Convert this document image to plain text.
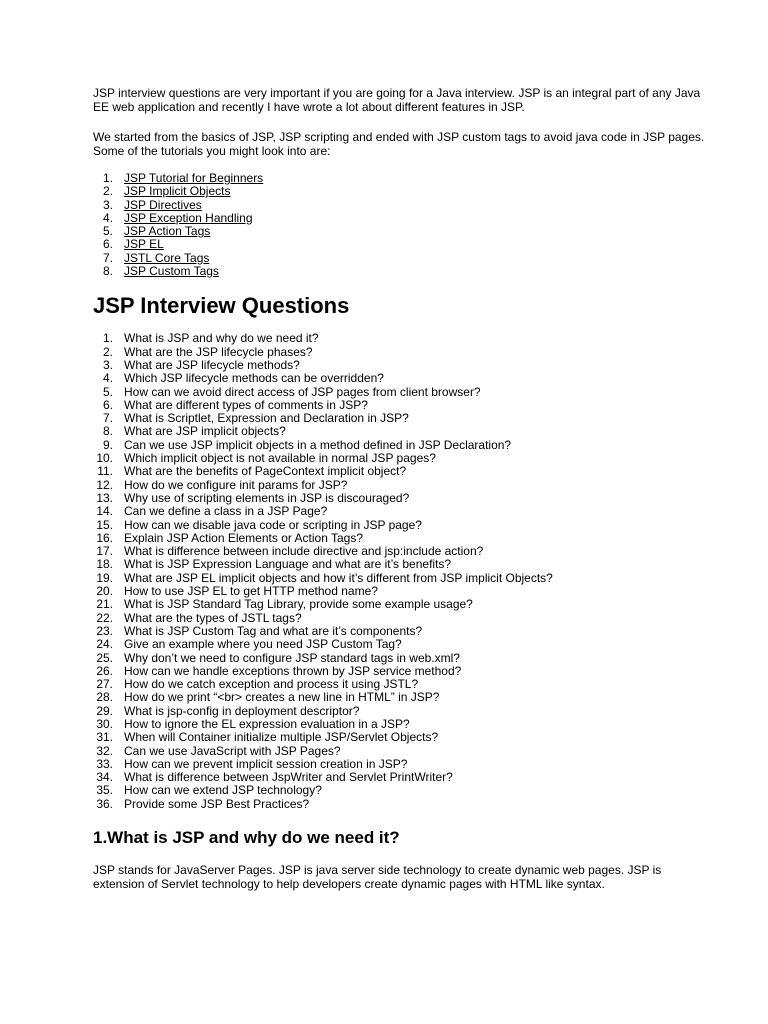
JSP interview questions are very important if you are going for a Java interview. JSP is an integral part of any Java EE web application and recently I have wrote a lot about different features in JSP.

We started from the basics of JSP, JSP scripting and ended with JSP custom tags to avoid java code in JSP pages. Some of the tutorials you might look into are:

1. JSP Tutorial for Beginners
2. JSP Implicit Objects
3. JSP Directives
4. JSP Exception Handling
5. JSP Action Tags
6. JSP EL
7. JSTL Core Tags
8. JSP Custom Tags
JSP Interview Questions
1. What is JSP and why do we need it?
2. What are the JSP lifecycle phases?
3. What are JSP lifecycle methods?
4. Which JSP lifecycle methods can be overridden?
5. How can we avoid direct access of JSP pages from client browser?
6. What are different types of comments in JSP?
7. What is Scriptlet, Expression and Declaration in JSP?
8. What are JSP implicit objects?
9. Can we use JSP implicit objects in a method defined in JSP Declaration?
10. Which implicit object is not available in normal JSP pages?
11. What are the benefits of PageContext implicit object?
12. How do we configure init params for JSP?
13. Why use of scripting elements in JSP is discouraged?
14. Can we define a class in a JSP Page?
15. How can we disable java code or scripting in JSP page?
16. Explain JSP Action Elements or Action Tags?
17. What is difference between include directive and jsp:include action?
18. What is JSP Expression Language and what are it’s benefits?
19. What are JSP EL implicit objects and how it’s different from JSP implicit Objects?
20. How to use JSP EL to get HTTP method name?
21. What is JSP Standard Tag Library, provide some example usage?
22. What are the types of JSTL tags?
23. What is JSP Custom Tag and what are it’s components?
24. Give an example where you need JSP Custom Tag?
25. Why don’t we need to configure JSP standard tags in web.xml?
26. How can we handle exceptions thrown by JSP service method?
27. How do we catch exception and process it using JSTL?
28. How do we print “<br> creates a new line in HTML” in JSP?
29. What is jsp-config in deployment descriptor?
30. How to ignore the EL expression evaluation in a JSP?
31. When will Container initialize multiple JSP/Servlet Objects?
32. Can we use JavaScript with JSP Pages?
33. How can we prevent implicit session creation in JSP?
34. What is difference between JspWriter and Servlet PrintWriter?
35. How can we extend JSP technology?
36. Provide some JSP Best Practices?
1.What is JSP and why do we need it?

JSP stands for JavaServer Pages. JSP is java server side technology to create dynamic web pages. JSP is extension of Servlet technology to help developers create dynamic pages with HTML like syntax.
